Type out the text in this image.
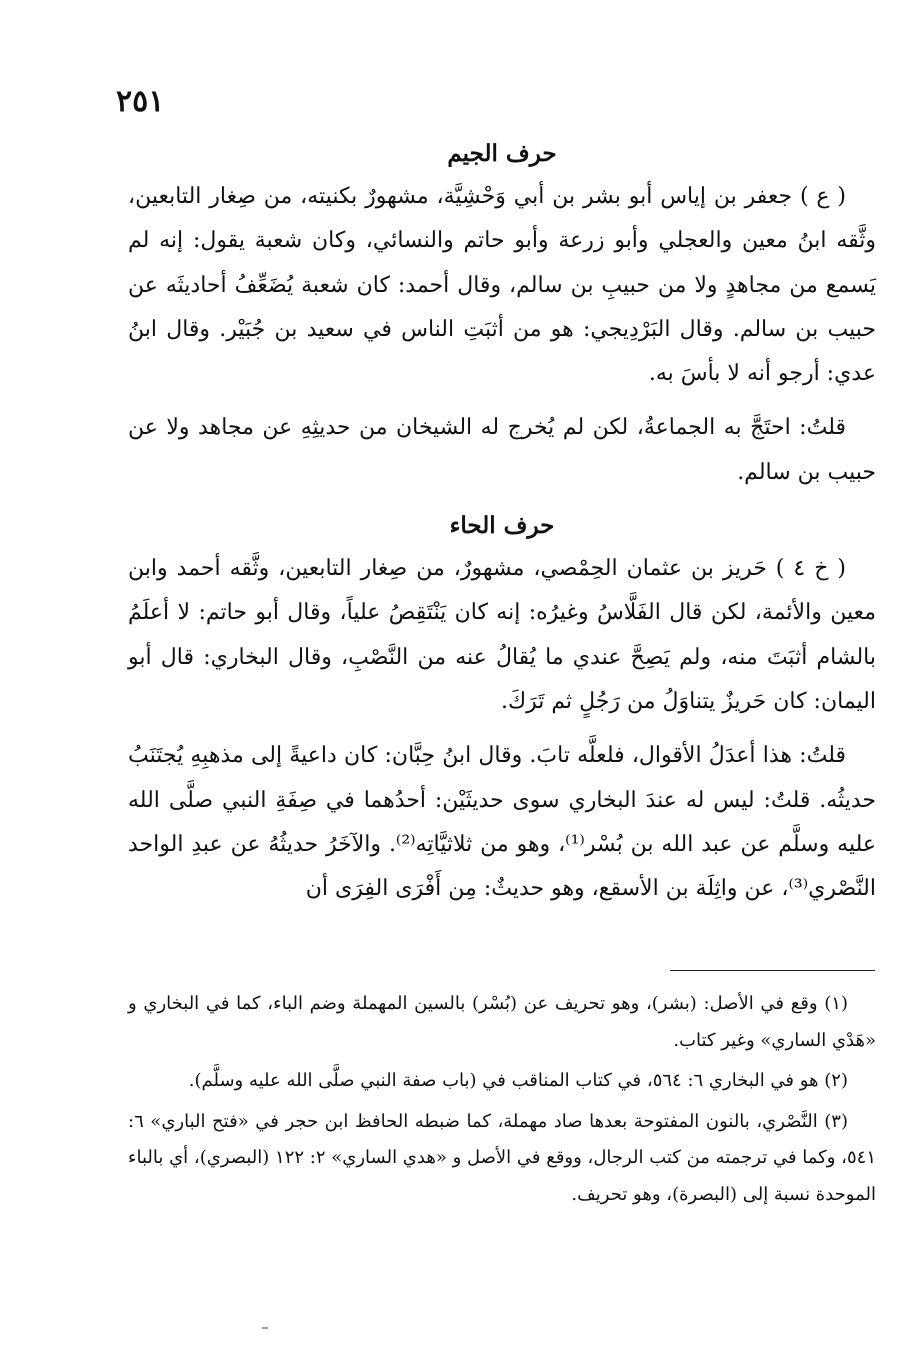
٢٥١
حرف الجيم

( ع ) جعفر بن إياس أبو بشر بن أبي وَحْشِيَّة، مشهورٌ بكنيته، من صِغار التابعين، وثَّقه ابنُ معين والعجلي وأبو زرعة وأبو حاتم والنسائي، وكان شعبة يقول: إنه لم يَسمع من مجاهدٍ ولا من حبيبِ بن سالم، وقال أحمد: كان شعبة يُضَعِّفُ أحاديثَه عن حبيب بن سالم. وقال البَرْدِيجي: هو من أثبَتِ الناس في سعيد بن جُبَيْر. وقال ابنُ عدي: أرجو أنه لا بأسَ به.

قلتُ: احتَجَّ به الجماعةُ، لكن لم يُخرج له الشيخان من حديثِهِ عن مجاهد ولا عن حبيب بن سالم.

حرف الحاء

( خ ٤ ) حَريز بن عثمان الحِمْصي، مشهورٌ، من صِغار التابعين، وثَّقه أحمد وابن معين والأئمة، لكن قال الفَلَّاسُ وغيرُه: إنه كان يَنْتَقِصُ علياً، وقال أبو حاتم: لا أعلَمُ بالشام أثبَتَ منه، ولم يَصِحَّ عندي ما يُقالُ عنه من النَّصْبِ، وقال البخاري: قال أبو اليمان: كان حَريزٌ يتناوَلُ من رَجُلٍ ثم تَرَكَ.

قلتُ: هذا أعدَلُ الأقوال، فلعلَّه تابَ. وقال ابنُ حِبَّان: كان داعيةً إلى مذهبِهِ يُجتَنَبُ حديثُه. قلتُ: ليس له عندَ البخاري سوى حديثَيْن: أحدُهما في صِفَةِ النبي صلَّى الله عليه وسلَّم عن عبد الله بن بُسْر⁽¹⁾، وهو من ثلاثيَّاتِه⁽²⁾. والآخَرُ حديثُهُ عن عبدِ الواحد النَّصْري⁽³⁾، عن واثِلَة بن الأسقع، وهو حديثٌ: مِن أَفْرَى الفِرَى أن

(١) وقع في الأصل: (بشر)، وهو تحريف عن (بُسْر) بالسين المهملة وضم الباء، كما في البخاري و «هَدْي الساري» وغير كتاب.

(٢) هو في البخاري ٦: ٥٦٤، في كتاب المناقب في (باب صفة النبي صلَّى الله عليه وسلَّم).

(٣) النَّصْري، بالنون المفتوحة بعدها صاد مهملة، كما ضبطه الحافظ ابن حجر في «فتح الباري» ٦: ٥٤١، وكما في ترجمته من كتب الرجال، ووقع في الأصل و «هدي الساري» ٢: ١٢٢ (البصري)، أي بالباء الموحدة نسبة إلى (البصرة)، وهو تحريف.
